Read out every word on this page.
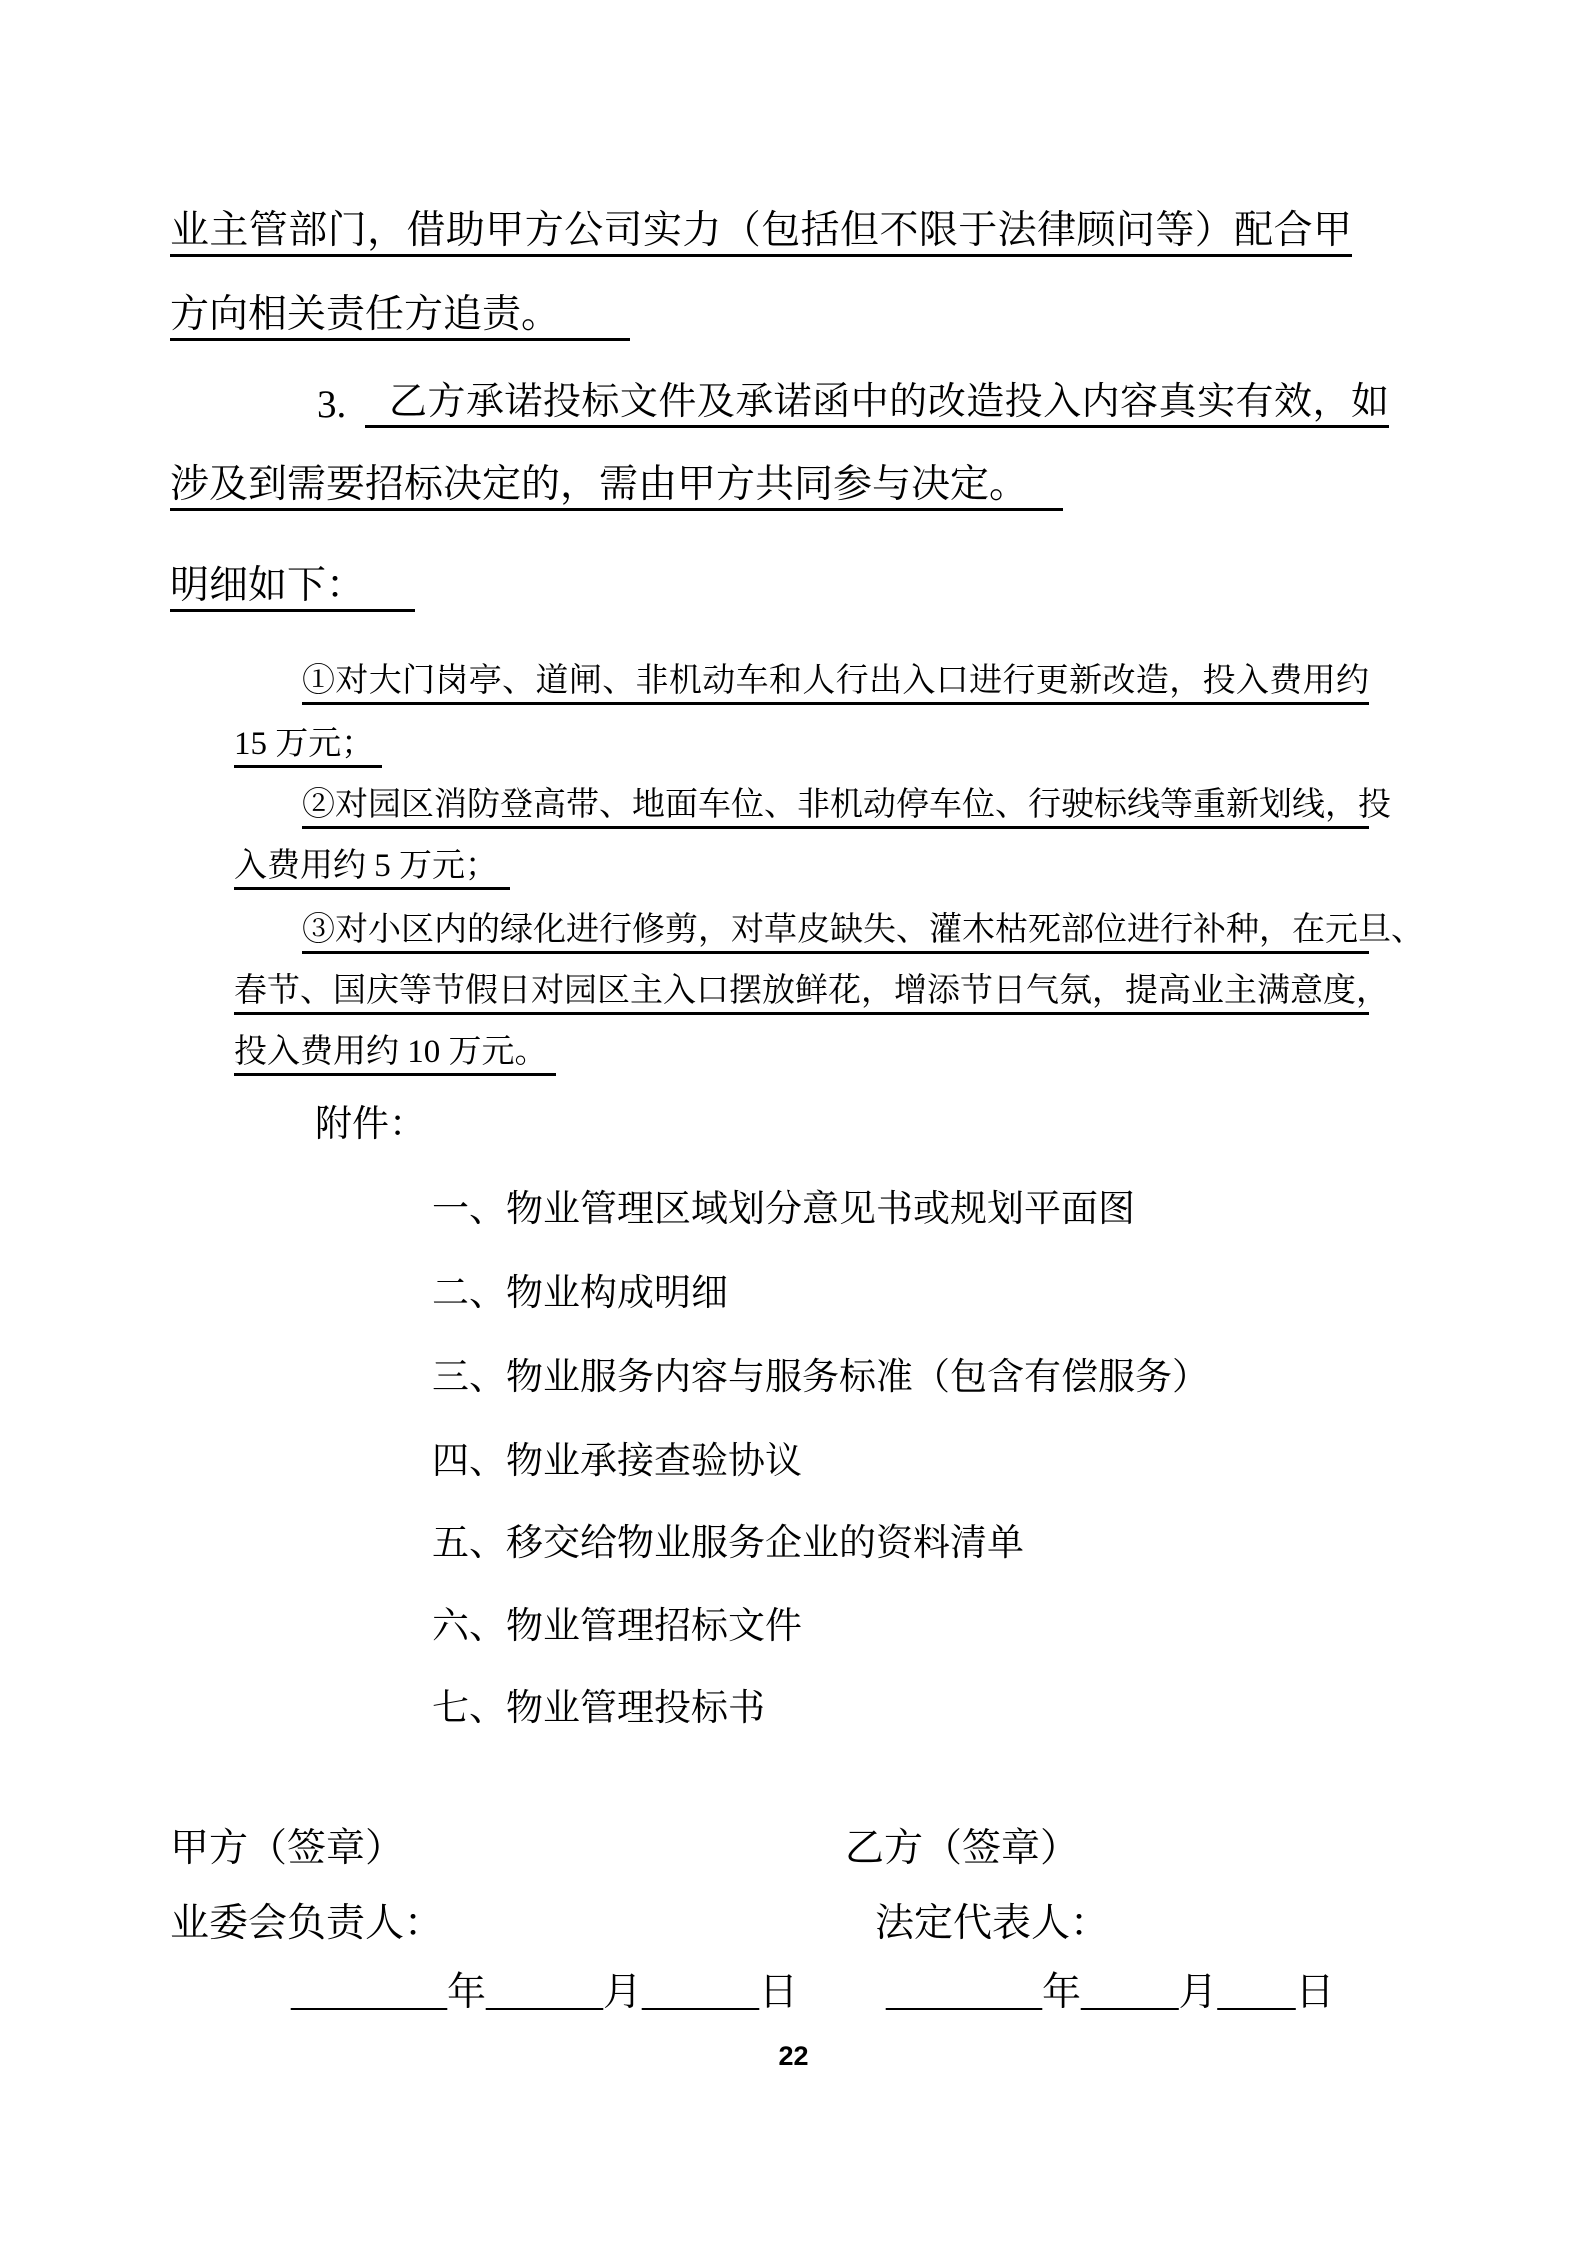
业主管部门，借助甲方公司实力（包括但不限于法律顾问等）配合甲
方向相关责任方追责。
3.	乙方承诺投标文件及承诺函中的改造投入内容真实有效，如
涉及到需要招标决定的，需由甲方共同参与决定。
明细如下：
①对大门岗亭、道闸、非机动车和人行出入口进行更新改造，投入费用约
15 万元；
②对园区消防登高带、地面车位、非机动停车位、行驶标线等重新划线，投
入费用约 5 万元；
③对小区内的绿化进行修剪，对草皮缺失、灌木枯死部位进行补种，在元旦、
春节、国庆等节假日对园区主入口摆放鲜花，增添节日气氛，提高业主满意度，
投入费用约 10 万元。
附件：
一、物业管理区域划分意见书或规划平面图
二、物业构成明细
三、物业服务内容与服务标准（包含有偿服务）
四、物业承接查验协议
五、移交给物业服务企业的资料清单
六、物业管理招标文件
七、物业管理投标书
甲方（签章）	乙方（签章）
业委会负责人：	法定代表人：
________年______月______日 ________年_____月____日
22
